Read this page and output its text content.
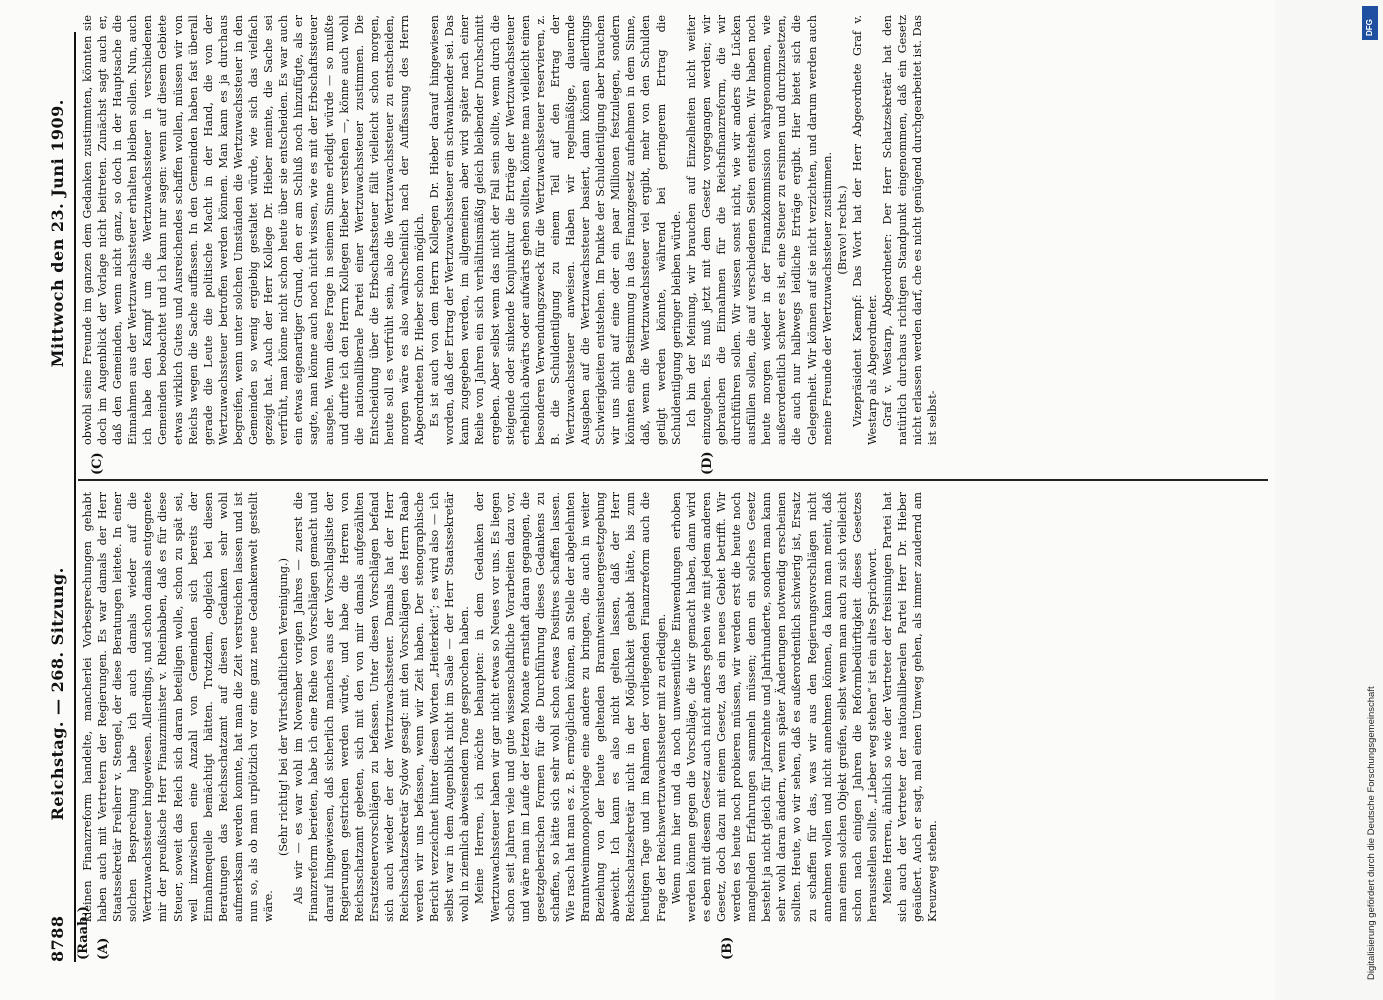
8788
Reichstag. — 268. Sitzung.
Mittwoch den 23. Juni 1909.
(Raab.) (A)	(B)
(C)	(D)

kleinen Finanzreform handelte, mancherlei Vorbesprechungen gehabt haben auch mit Vertretern der Regierungen. Es war damals der Herr Staatssekretär Freiherr v. Stengel, der diese Beratungen leitete. In einer solchen Besprechung habe ich auch damals wieder auf die Wertzuwachssteuer hingewiesen. Allerdings, und schon damals entgegnete mir der preußische Herr Finanzminister v. Rheinbaben, daß es für diese Steuer, soweit das Reich sich daran beteiligen wolle, schon zu spät sei, weil inzwischen eine Anzahl von Gemeinden sich bereits der Einnahmequelle bemächtigt hätten. Trotzdem, obgleich bei diesen Beratungen das Reichsschatzamt auf diesen Gedanken sehr wohl aufmerksam werden konnte, hat man die Zeit verstreichen lassen und ist nun so, als ob man urplötzlich vor eine ganz neue Gedankenwelt gestellt wäre.

(Sehr richtig! bei der Wirtschaftlichen Vereinigung.) Als wir — es war wohl im November vorigen Jahres — zuerst die Finanzreform berieten, habe ich eine Reihe von Vorschlägen gemacht und darauf hingewiesen, daß sicherlich manches aus der Vorschlagsliste der Regierungen gestrichen werden würde, und habe die Herren von Reichsschatzamt gebeten, sich mit den von mir damals aufgezählten Ersatzsteuervorschlägen zu befassen. Unter diesen Vorschlägen befand sich auch wieder der der Wertzuwachssteuer. Damals hat der Herr Reichsschatzsekretär Sydow gesagt: mit den Vorschlägen des Herrn Raab werden wir uns befassen, wenn wir Zeit haben. Der stenographische Bericht verzeichnet hinter diesen Worten „Heiterkeit“; es wird also — ich selbst war in dem Augenblick nicht im Saale — der Herr Staatssekretär wohl in ziemlich abweisendem Tone gesprochen haben. Meine Herren, ich möchte behaupten: in dem Gedanken der Wertzuwachssteuer haben wir gar nicht etwas so Neues vor uns. Es liegen schon seit Jahren viele und gute wissenschaftliche Vorarbeiten dazu vor, und wäre man im Laufe der letzten Monate ernsthaft daran gegangen, die gesetzgeberischen Formen für die Durchführung dieses Gedankens zu schaffen, so hätte sich sehr wohl schon etwas Positives schaffen lassen. Wie rasch hat man es z. B. ermöglichen können, an Stelle der abgelehnten Branntweinmonopolvorlage eine andere zu bringen, die auch in weiter Beziehung von der heute geltenden Branntweinsteuergesetzgebung abweicht. Ich kann es also nicht gelten lassen, daß der Herr Reichsschatzsekretär nicht in der Möglichkeit gehabt hätte, bis zum heutigen Tage und im Rahmen der vorliegenden Finanzreform auch die Frage der Reichswertzuwachssteuer mit zu erledigen. Wenn nun hier und da noch unwesentliche Einwendungen erhoben werden können gegen die Vorschläge, die wir gemacht haben, dann wird es eben mit diesem Gesetz auch nicht anders gehen wie mit jedem anderen Gesetz, doch dazu mit einem Gesetz, das ein neues Gebiet betrifft. Wir werden es heute noch probieren müssen, wir werden erst die heute noch mangelnden Erfahrungen sammeln müssen; denn ein solches Gesetz besteht ja nicht gleich für Jahrzehnte und Jahrhunderte, sondern man kann sehr wohl daran ändern, wenn später Änderungen notwendig erscheinen sollten. Heute, wo wir sehen, daß es außerordentlich schwierig ist, Ersatz zu schaffen für das, was wir aus den Regierungsvorschlägen nicht annehmen wollen und nicht annehmen können, da kann man meint, daß man einen solchen Objekt greifen, selbst wenn man auch zu sich vielleicht schon nach einigen Jahren die Reformbedürftigkeit dieses Gesetzes herausstellen sollte. „Lieber weg stehen“ ist ein altes Sprichwort. Meine Herren, ähnlich so wie der Vertreter der freisinnigen Partei hat sich auch der Vertreter der nationalliberalen Partei Herr Dr. Hieber geäußert. Auch er sagt, mal einen Umweg gehen, als immer zaudernd am Kreuzweg stehen.

obwohl seine Freunde im ganzen dem Gedanken zustimmten, könnten sie doch im Augenblick der Vorlage nicht beitreten. Zunächst sagt auch er, daß den Gemeinden, wenn nicht ganz, so doch in der Hauptsache die Einnahmen aus der Wertzuwachssteuer erhalten bleiben sollen. Nun, auch ich habe den Kampf um die Wertzuwachssteuer in verschiedenen Gemeinden beobachtet und ich kann nur sagen: wenn auf diesem Gebiete etwas wirklich Gutes und Ausreichendes schaffen wollen, müssen wir von Reichs wegen die Sache auffassen. In den Gemeinden haben fast überall gerade die Leute die politische Macht in der Hand, die von der Wertzuwachssteuer betroffen werden können. Man kann es ja durchaus begreifen, wenn unter solchen Umständen die Wertzuwachssteuer in den Gemeinden so wenig ergiebig gestaltet würde, wie sich das vielfach gezeigt hat. Auch der Herr Kollege Dr. Hieber meinte, die Sache sei verfrüht, man könne nicht schon heute über sie entscheiden. Es war auch ein etwas eigenartiger Grund, den er am Schluß noch hinzufügte, als er sagte, man könne auch noch nicht wissen, wie es mit der Erbschaftssteuer ausgehe. Wenn diese Frage in seinem Sinne erledigt würde — so mußte und durfte ich den Herrn Kollegen Hieber verstehen —, könne auch wohl die nationalliberale Partei einer Wertzuwachssteuer zustimmen. Die Entscheidung über die Erbschaftssteuer fällt vielleicht schon morgen, heute soll es verfrüht sein, also die Wertzuwachssteuer zu entscheiden, morgen wäre es also wahrscheinlich nach der Auffassung des Herrn Abgeordneten Dr. Hieber schon möglich. Es ist auch von dem Herrn Kollegen Dr. Hieber darauf hingewiesen worden, daß der Ertrag der Wertzuwachssteuer ein schwankender sei. Das kann zugegeben werden, im allgemeinen aber wird später nach einer Reihe von Jahren ein sich verhältnismäßig gleich bleibender Durchschnitt ergeben. Aber selbst wenn das nicht der Fall sein sollte, wenn durch die steigende oder sinkende Konjunktur die Erträge der Wertzuwachssteuer erheblich abwärts oder aufwärts gehen sollten, könnte man vielleicht einen besonderen Verwendungszweck für die Wertzuwachssteuer reservieren, z. B. die Schuldentilgung zu einem Teil auf den Ertrag der Wertzuwachssteuer anweisen. Haben wir regelmäßige, dauernde Ausgaben auf die Wertzuwachssteuer basiert, dann können allerdings Schwierigkeiten entstehen. Im Punkte der Schuldentilgung aber brauchen wir uns nicht auf eine oder ein paar Millionen festzulegen, sondern könnten eine Bestimmung in das Finanzgesetz aufnehmen in dem Sinne, daß, wenn die Wertzuwachssteuer viel ergibt, mehr von den Schulden getilgt werden könnte, während bei geringerem Ertrag die Schuldentilgung geringer bleiben würde. Ich bin der Meinung, wir brauchen auf Einzelheiten nicht weiter einzugehen. Es muß jetzt mit dem Gesetz vorgegangen werden; wir gebrauchen die Einnahmen für die Reichsfinanzreform, die wir durchführen sollen. Wir wissen sonst nicht, wie wir anders die Lücken ausfüllen sollen, die auf verschiedenen Seiten entstehen. Wir haben noch heute morgen wieder in der Finanzkommission wahrgenommen, wie außerordentlich schwer es ist, eine Steuer zu ersinnen und durchzusetzen, die auch nur halbwegs leidliche Erträge ergibt. Hier bietet sich die Gelegenheit. Wir können auf sie nicht verzichten, und darum werden auch meine Freunde der Wertzuwachssteuer zustimmen. (Bravo! rechts.) Vizepräsident Kaempf: Das Wort hat der Herr Abgeordnete Graf v. Westarp als Abgeordneter. Graf v. Westarp, Abgeordneter: Der Herr Schatzsekretär hat den natürlich durchaus richtigen Standpunkt eingenommen, daß ein Gesetz nicht erlassen werden darf, che es nicht genügend durchgearbeitet ist. Das ist selbst-

Digitalisierung gefördert durch die Deutsche Forschungsgemeinschaft
DFG
